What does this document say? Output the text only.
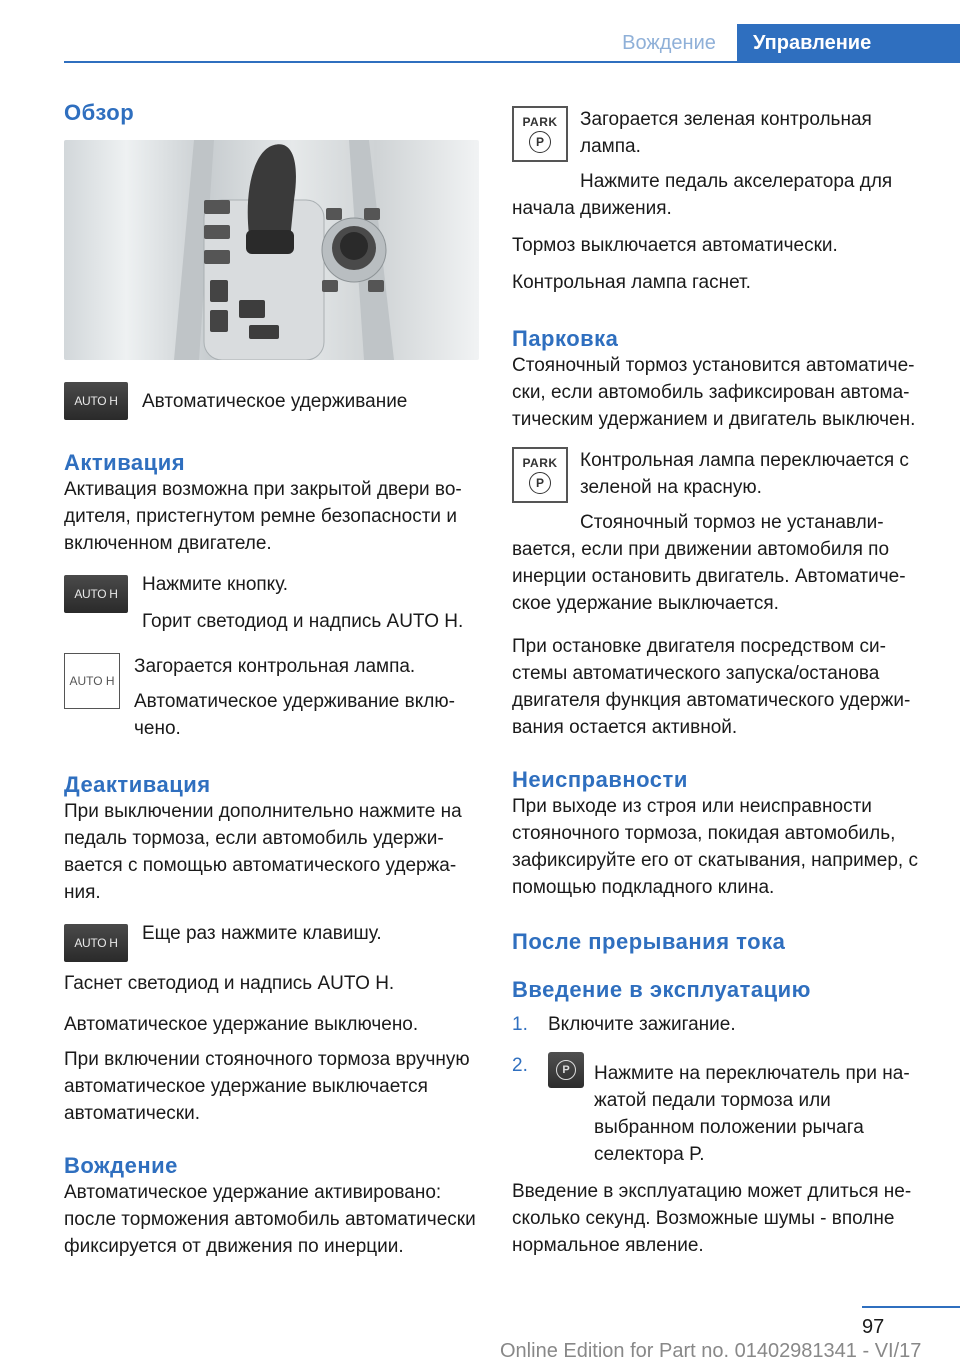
Вождение	Управление
Обзор
AUTO H Автоматическое удерживание

Активация

Активация возможна при закрытой двери водителя, пристегнутом ремне безопасности и включенном двигателе.

AUTO H Нажмите кнопку.

Горит светодиод и надпись AUTO H.

AUTO H

Загорается контрольная лампа.

Автоматическое удерживание включено.

Деактивация

При выключении дополнительно нажмите на педаль тормоза, если автомобиль удерживается с помощью автоматического удержания.

AUTO H Еще раз нажмите клавишу.

Гаснет светодиод и надпись AUTO H.

Автоматическое удержание выключено.

При включении стояночного тормоза вручную автоматическое удержание выключается автоматически.

Вождение

Автоматическое удержание активировано: после торможения автомобиль автоматически фиксируется от движения по инерции.

PARK
P

Загорается зеленая контрольная лампа.

Нажмите педаль акселератора для начала движения.

Тормоз выключается автоматически.

Контрольная лампа гаснет.

Парковка

Стояночный тормоз установится автоматически, если автомобиль зафиксирован автоматическим удержанием и двигатель выключен.

PARK
P

Контрольная лампа переключается с зеленой на красную.

Стояночный тормоз не устанавливается, если при движении автомобиля по инерции остановить двигатель. Автоматическое удержание выключается.

При остановке двигателя посредством системы автоматического запуска/останова двигателя функция автоматического удерживания остается активной.

Неисправности

При выходе из строя или неисправности стояночного тормоза, покидая автомобиль, зафиксируйте его от скатывания, например, с помощью подкладного клина.

После прерывания тока
Введение в эксплуатацию
1.	Включите зажигание.

2.	P	Нажмите на переключатель при нажатой педали тормоза или выбранном положении рычага селектора P.

Введение в эксплуатацию может длиться несколько секунд. Возможные шумы - вполне нормальное явление.

97
Online Edition for Part no. 01402981341 - VI/17
